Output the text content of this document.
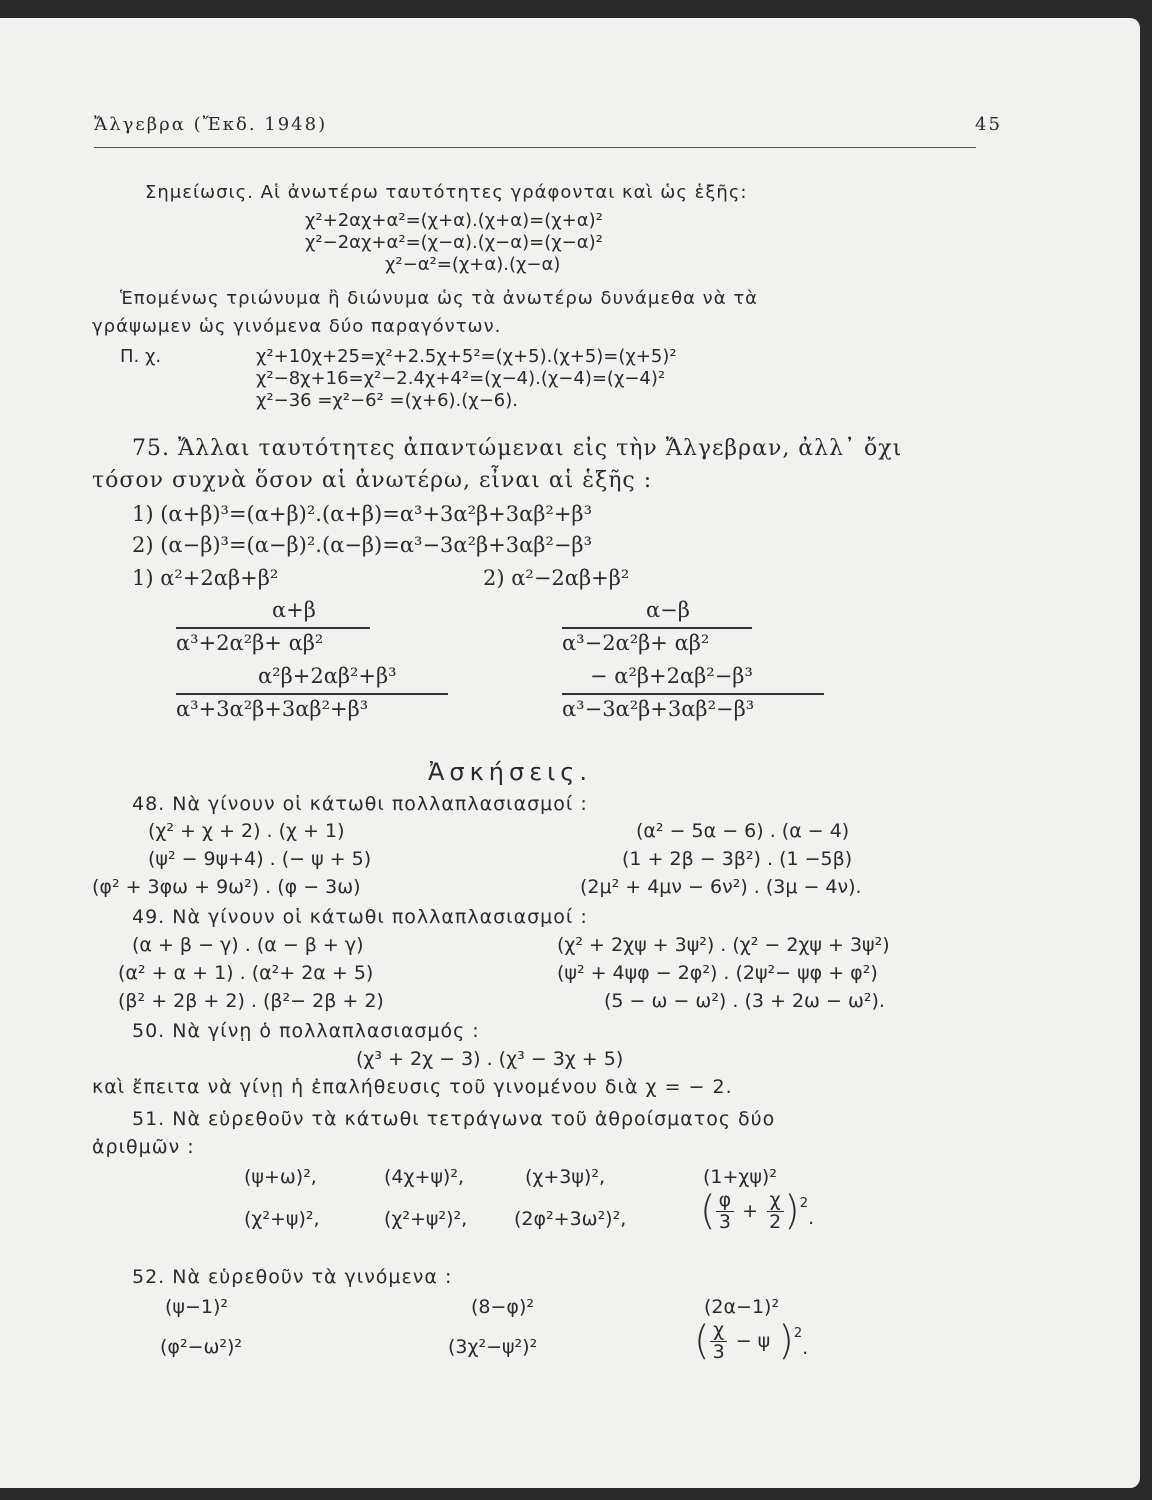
Ἄλγεβρα (Ἔκδ. 1948)	45
Σημείωσις. Αἱ ἀνωτέρω ταυτότητες γράφονται καὶ ὡς ἑξῆς:
χ²+2αχ+α²=(χ+α).(χ+α)=(χ+α)²
χ²−2αχ+α²=(χ−α).(χ−α)=(χ−α)²
χ²−α²=(χ+α).(χ−α)
Ἑπομένως τριώνυμα ἢ διώνυμα ὡς τὰ ἀνωτέρω δυνάμεθα νὰ τὰ
γράψωμεν ὡς γινόμενα δύο παραγόντων.
Π. χ.	χ²+10χ+25=χ²+2.5χ+5²=(χ+5).(χ+5)=(χ+5)²
χ²−8χ+16=χ²−2.4χ+4²=(χ−4).(χ−4)=(χ−4)²
χ²−36 =χ²−6² =(χ+6).(χ−6).
75. Ἄλλαι ταυτότητες ἀπαντώμεναι εἰς τὴν Ἄλγεβραν, ἀλλ᾽ ὄχι
τόσον συχνὰ ὅσον αἱ ἀνωτέρω, εἶναι αἱ ἑξῆς :
1) (α+β)³=(α+β)².(α+β)=α³+3α²β+3αβ²+β³
2) (α−β)³=(α−β)².(α−β)=α³−3α²β+3αβ²−β³
1) α²+2αβ+β²
α+β
α³+2α²β+ αβ²
α²β+2αβ²+β³
α³+3α²β+3αβ²+β³
2) α²−2αβ+β²
α−β
α³−2α²β+ αβ²
− α²β+2αβ²−β³
α³−3α²β+3αβ²−β³
Ἀσκήσεις.
48. Νὰ γίνουν οἱ κάτωθι πολλαπλασιασμοί :
(χ² + χ + 2) . (χ + 1)	(α² − 5α − 6) . (α − 4)
(ψ² − 9ψ+4) . (− ψ + 5)	(1 + 2β − 3β²) . (1 −5β)
(φ² + 3φω + 9ω²) . (φ − 3ω)	(2μ² + 4μν − 6ν²) . (3μ − 4ν).
49. Νὰ γίνουν οἱ κάτωθι πολλαπλασιασμοί :
(α + β − γ) . (α − β + γ)	(χ² + 2χψ + 3ψ²) . (χ² − 2χψ + 3ψ²)
(α² + α + 1) . (α²+ 2α + 5)	(ψ² + 4ψφ − 2φ²) . (2ψ²− ψφ + φ²)
(β² + 2β + 2) . (β²− 2β + 2)	(5 − ω − ω²) . (3 + 2ω − ω²).
50. Νὰ γίνῃ ὁ πολλαπλασιασμός :
(χ³ + 2χ − 3) . (χ³ − 3χ + 5)
καὶ ἔπειτα νὰ γίνῃ ἡ ἐπαλήθευσις τοῦ γινομένου διὰ χ = − 2.
51. Νὰ εὑρεθοῦν τὰ κάτωθι τετράγωνα τοῦ ἀθροίσματος δύο
ἀριθμῶν :
(ψ+ω)²,	(4χ+ψ)²,	(χ+3ψ)²,	(1+χψ)²
(χ²+ψ)²,	(χ²+ψ²)², (2φ²+3ω²)², ( $\frac{\varphi}{3} + \frac{\chi}{2}$ ) 2
.
52. Νὰ εὑρεθοῦν τὰ γινόμενα :
(ψ−1)²	(8−φ)²	(2α−1)²
(φ²−ω²)²	(3χ²−ψ²)²	( $\frac{\chi}{3} - \psi$ ) 2
.
